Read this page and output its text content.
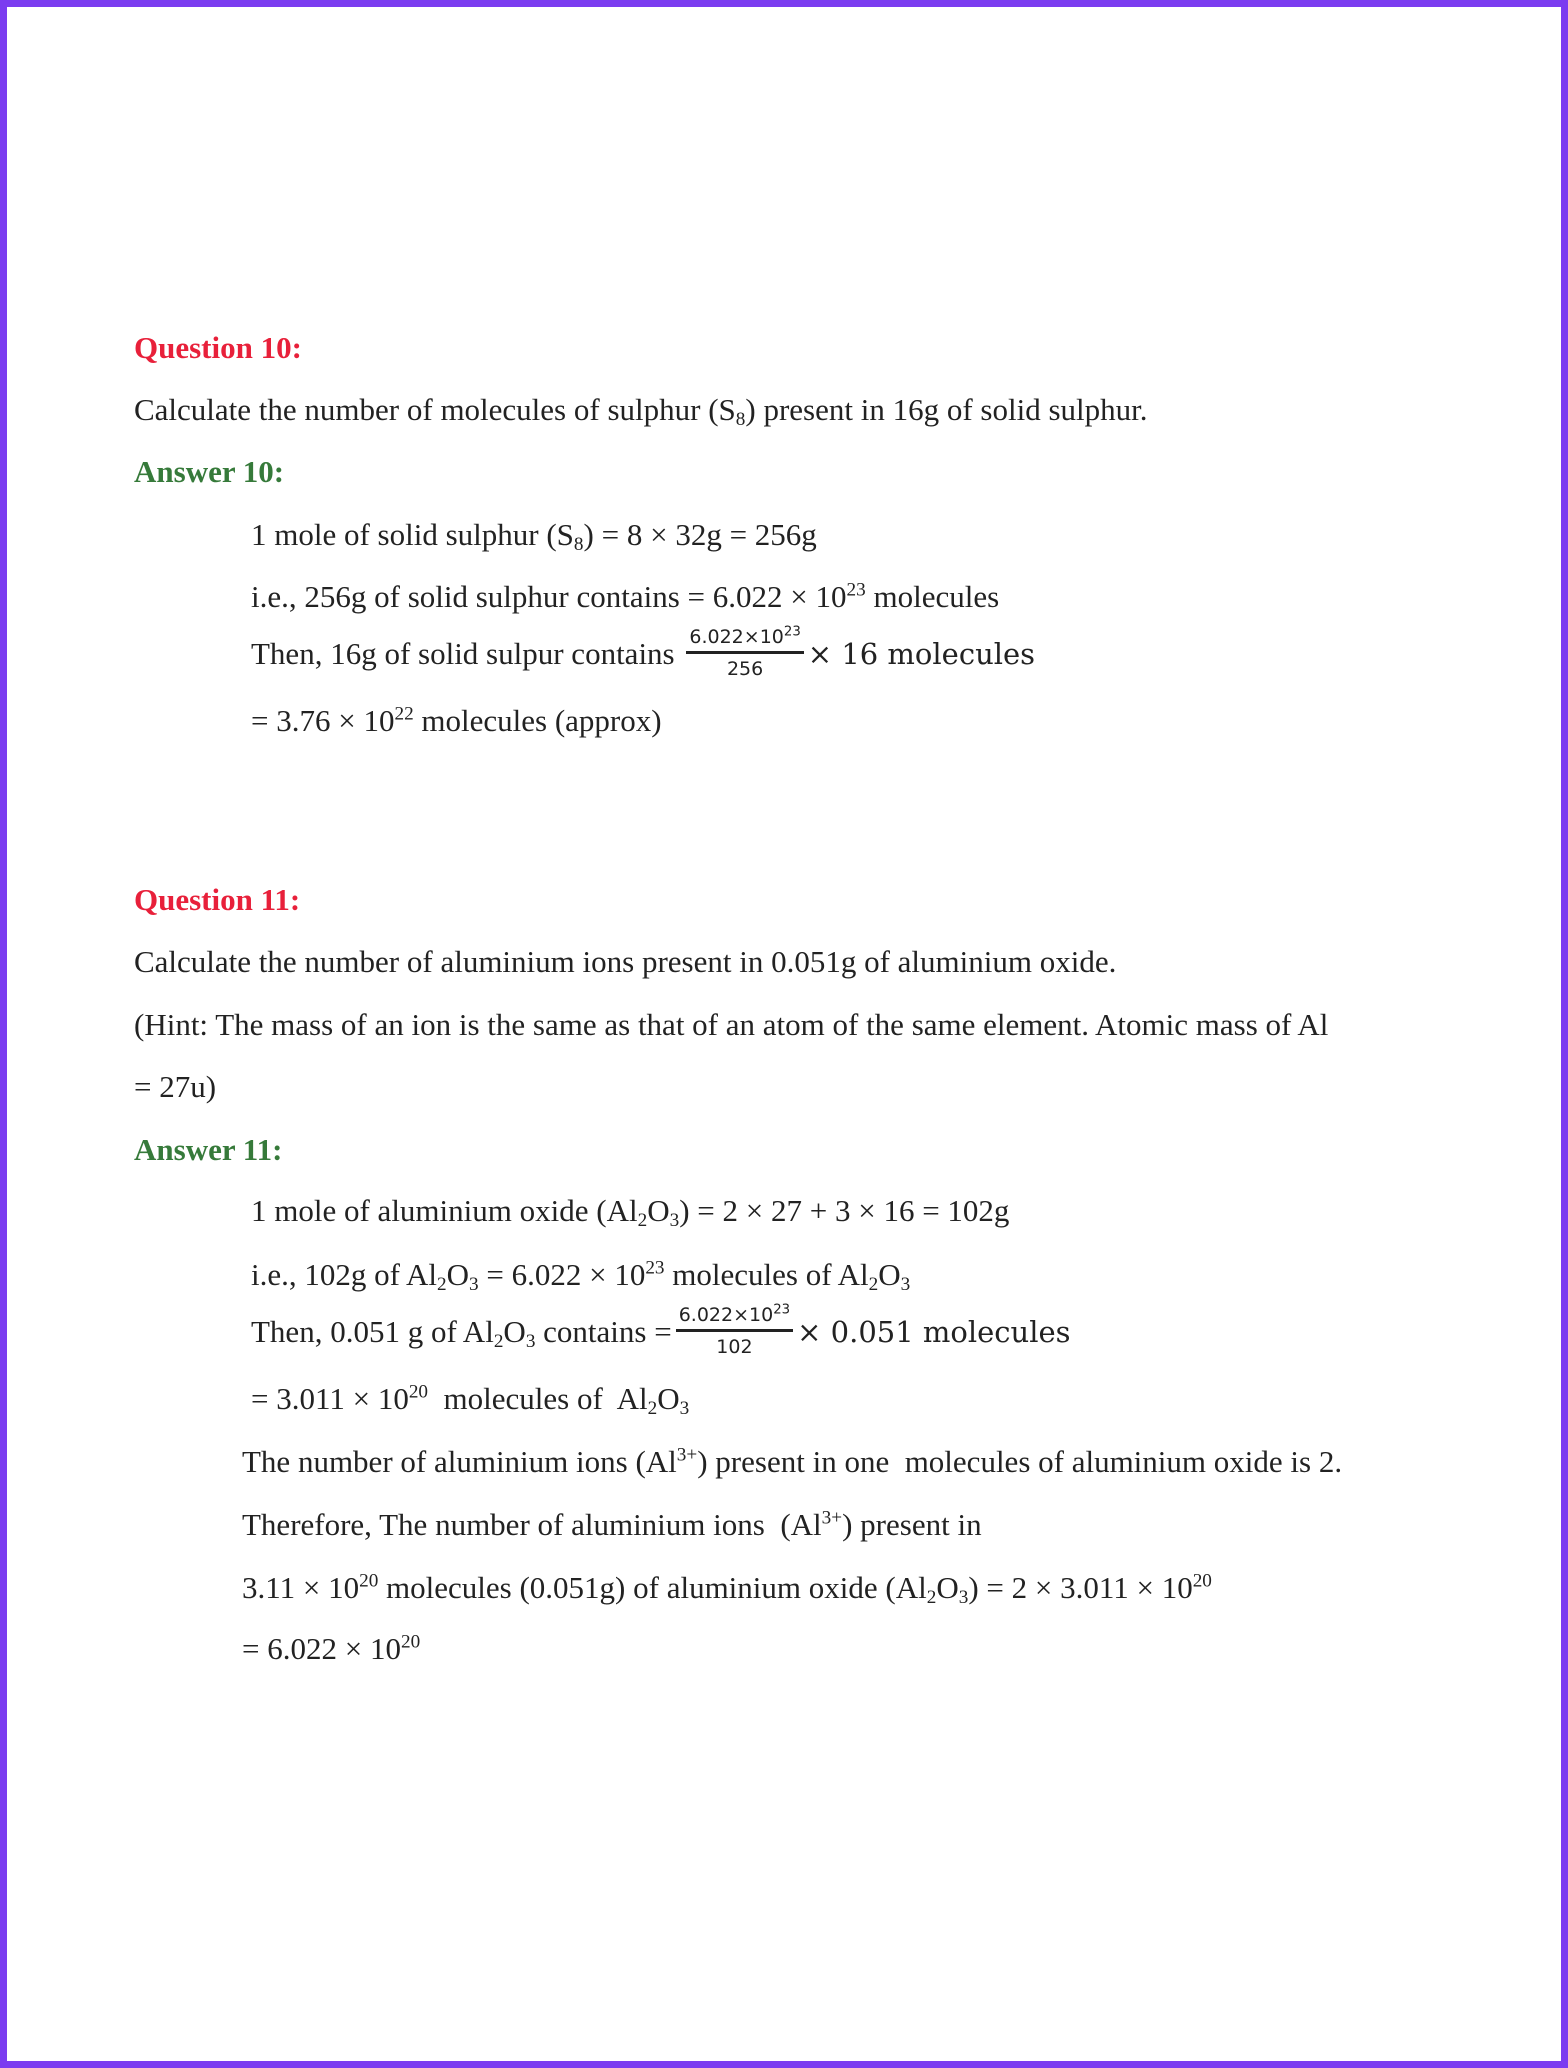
Question 10:
Calculate the number of molecules of sulphur $(S_8)$ present in 16g of solid sulphur.
Answer 10:
1 mole of solid sulphur $(S_8) = 8 \times 32g = 256g$
i.e., 256g of solid sulphur contains = $6.022 \times 10^{23}$ molecules
Then, 16g of solid sulpur contains $\frac{6.022\times 10^{23}}{256} \times 16$ molecules
= $3.76 \times 10^{22}$ molecules (approx)
Question 11:
Calculate the number of aluminium ions present in 0.051g of aluminium oxide.
(Hint: The mass of an ion is the same as that of an atom of the same element. Atomic mass of Al
= 27u)
Answer 11:
1 mole of aluminium oxide $(Al_2O_3) = 2 \times 27 + 3 \times 16 = 102g$
i.e., 102g of $Al_2O_3 = 6.022 \times 10^{23}$ molecules of $Al_2O_3$
Then, 0.051 g of $Al_2O_3$ contains = $\frac{6.022\times 10^{23}}{102} \times 0.051$ molecules
= $3.011 \times 10^{20}$  molecules of  $Al_2O_3$
The number of aluminium ions $(Al^{3+})$ present in one  molecules of aluminium oxide is 2.
Therefore, The number of aluminium ions  $(Al^{3+})$ present in
$3.11 \times 10^{20}$ molecules (0.051g) of aluminium oxide $(Al_2O_3) = 2 \times 3.011 \times 10^{20}$
= $6.022 \times 10^{20}$
